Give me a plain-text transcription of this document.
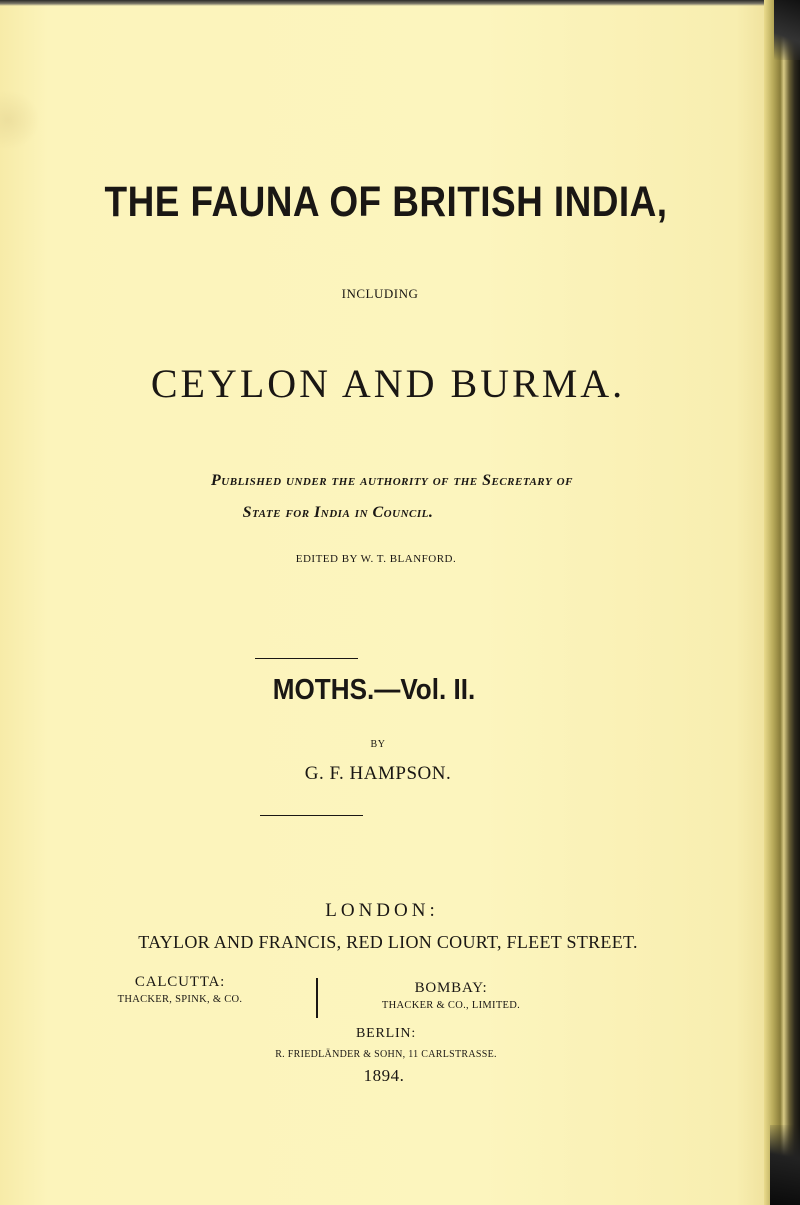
THE FAUNA OF BRITISH INDIA,
INCLUDING
CEYLON AND BURMA.
Published under the authority of the Secretary of
State for India in Council.
EDITED BY W. T. BLANFORD.
MOTHS.—Vol. II.
BY
G. F. HAMPSON.
LONDON:
TAYLOR AND FRANCIS, RED LION COURT, FLEET STREET.
CALCUTTA:
THACKER, SPINK, & CO.
BOMBAY:
THACKER & CO., LIMITED.
BERLIN:
R. FRIEDLÄNDER & SOHN, 11 CARLSTRASSE.
1894.
